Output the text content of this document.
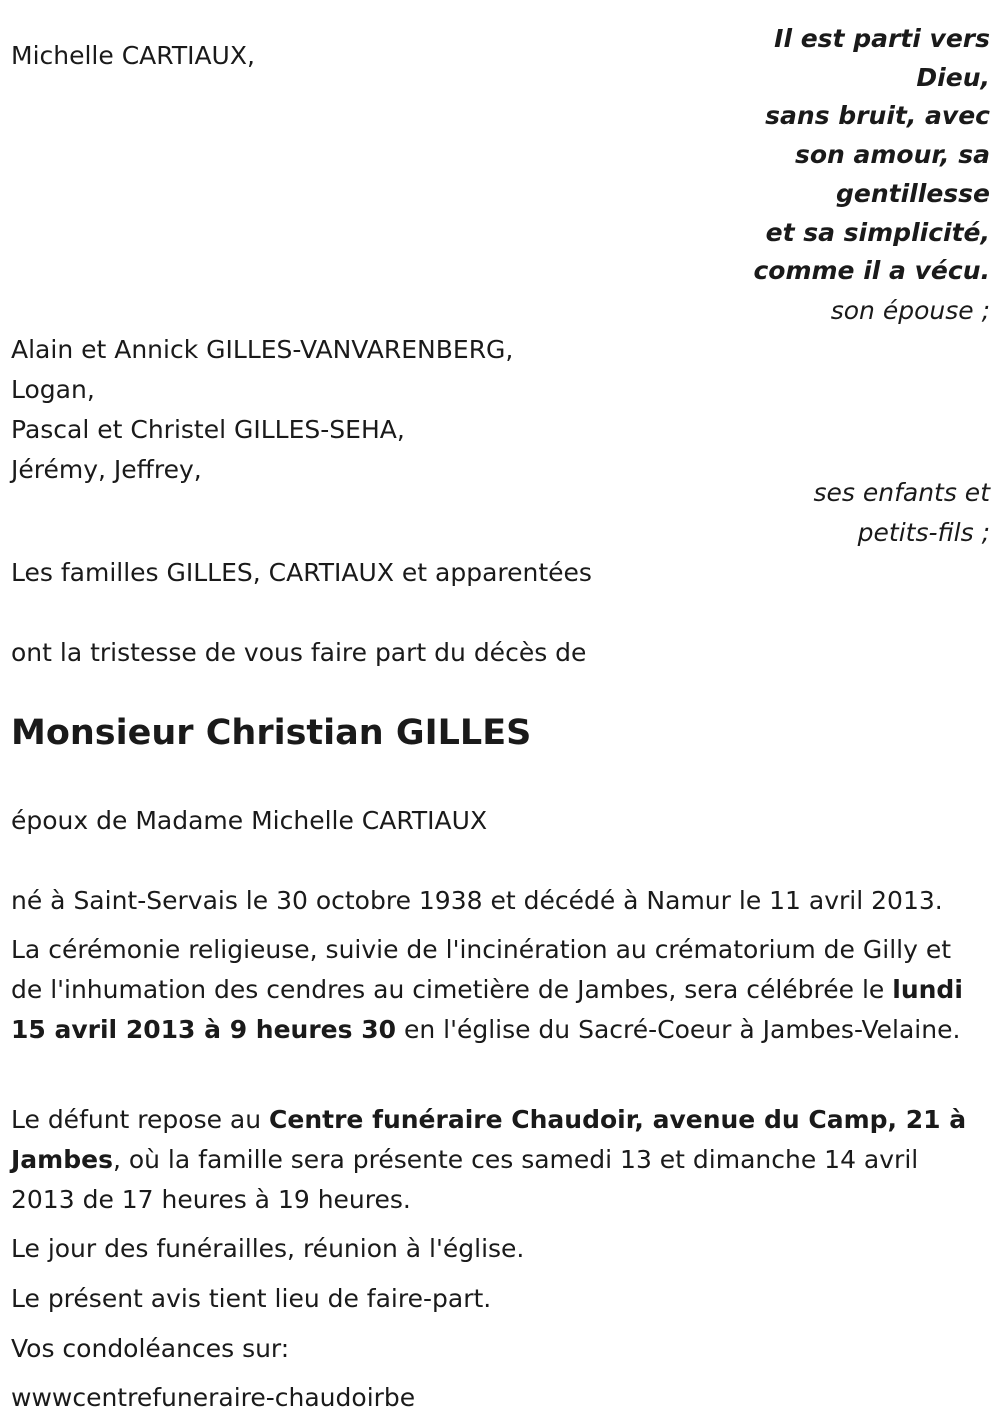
Il est parti vers
Dieu,
sans bruit, avec
son amour, sa
gentillesse
et sa simplicité,
comme il a vécu.
Michelle CARTIAUX,
son épouse ;
Alain et Annick GILLES-VANVARENBERG,
Logan,
Pascal et Christel GILLES-SEHA,
Jérémy, Jeffrey,
ses enfants et
petits-fils ;
Les familles GILLES, CARTIAUX et apparentées
ont la tristesse de vous faire part du décès de
Monsieur Christian GILLES
époux de Madame Michelle CARTIAUX
né à Saint-Servais le 30 octobre 1938 et décédé à Namur le 11 avril 2013.
La cérémonie religieuse, suivie de l'incinération au crématorium de Gilly et de l'inhumation des cendres au cimetière de Jambes, sera célébrée le lundi 15 avril 2013 à 9 heures 30 en l'église du Sacré-Coeur à Jambes-Velaine.
Le défunt repose au Centre funéraire Chaudoir, avenue du Camp, 21 à Jambes, où la famille sera présente ces samedi 13 et dimanche 14 avril 2013 de 17 heures à 19 heures.
Le jour des funérailles, réunion à l'église.
Le présent avis tient lieu de faire-part.
Vos condoléances sur:
wwwcentrefuneraire-chaudoirbe
